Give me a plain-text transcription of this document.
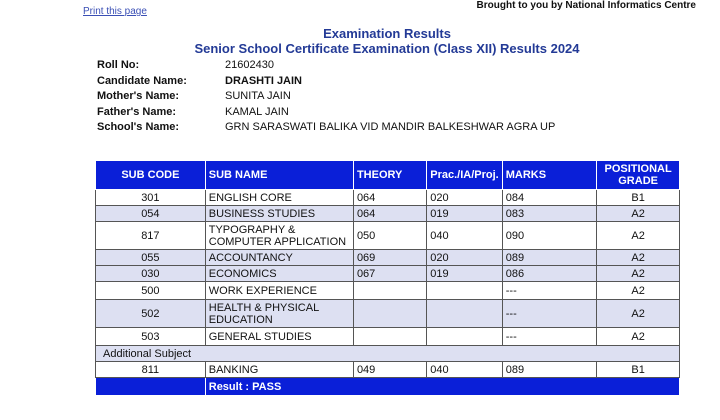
Print this page
Brought to you by National Informatics Centre
Examination Results
Senior School Certificate Examination (Class XII) Results 2024
Roll No:	21602430
Candidate Name:	DRASHTI JAIN
Mother's Name:	SUNITA JAIN
Father's Name:	KAMAL JAIN
School's Name:	GRN SARASWATI BALIKA VID MANDIR BALKESHWAR AGRA UP
SUB CODE	SUB NAME	THEORY	Prac./IA/Proj.	MARKS	POSITIONAL GRADE
301	ENGLISH CORE	064	020	084	B1
054	BUSINESS STUDIES	064	019	083	A2
817	TYPOGRAPHY & COMPUTER APPLICATION	050	040	090	A2
055	ACCOUNTANCY	069	020	089	A2
030	ECONOMICS	067	019	086	A2
500	WORK EXPERIENCE			---	A2
502	HEALTH & PHYSICAL EDUCATION			---	A2
503	GENERAL STUDIES			---	A2
Additional Subject					
811	BANKING	049	040	089	B1
	Result : PASS				
